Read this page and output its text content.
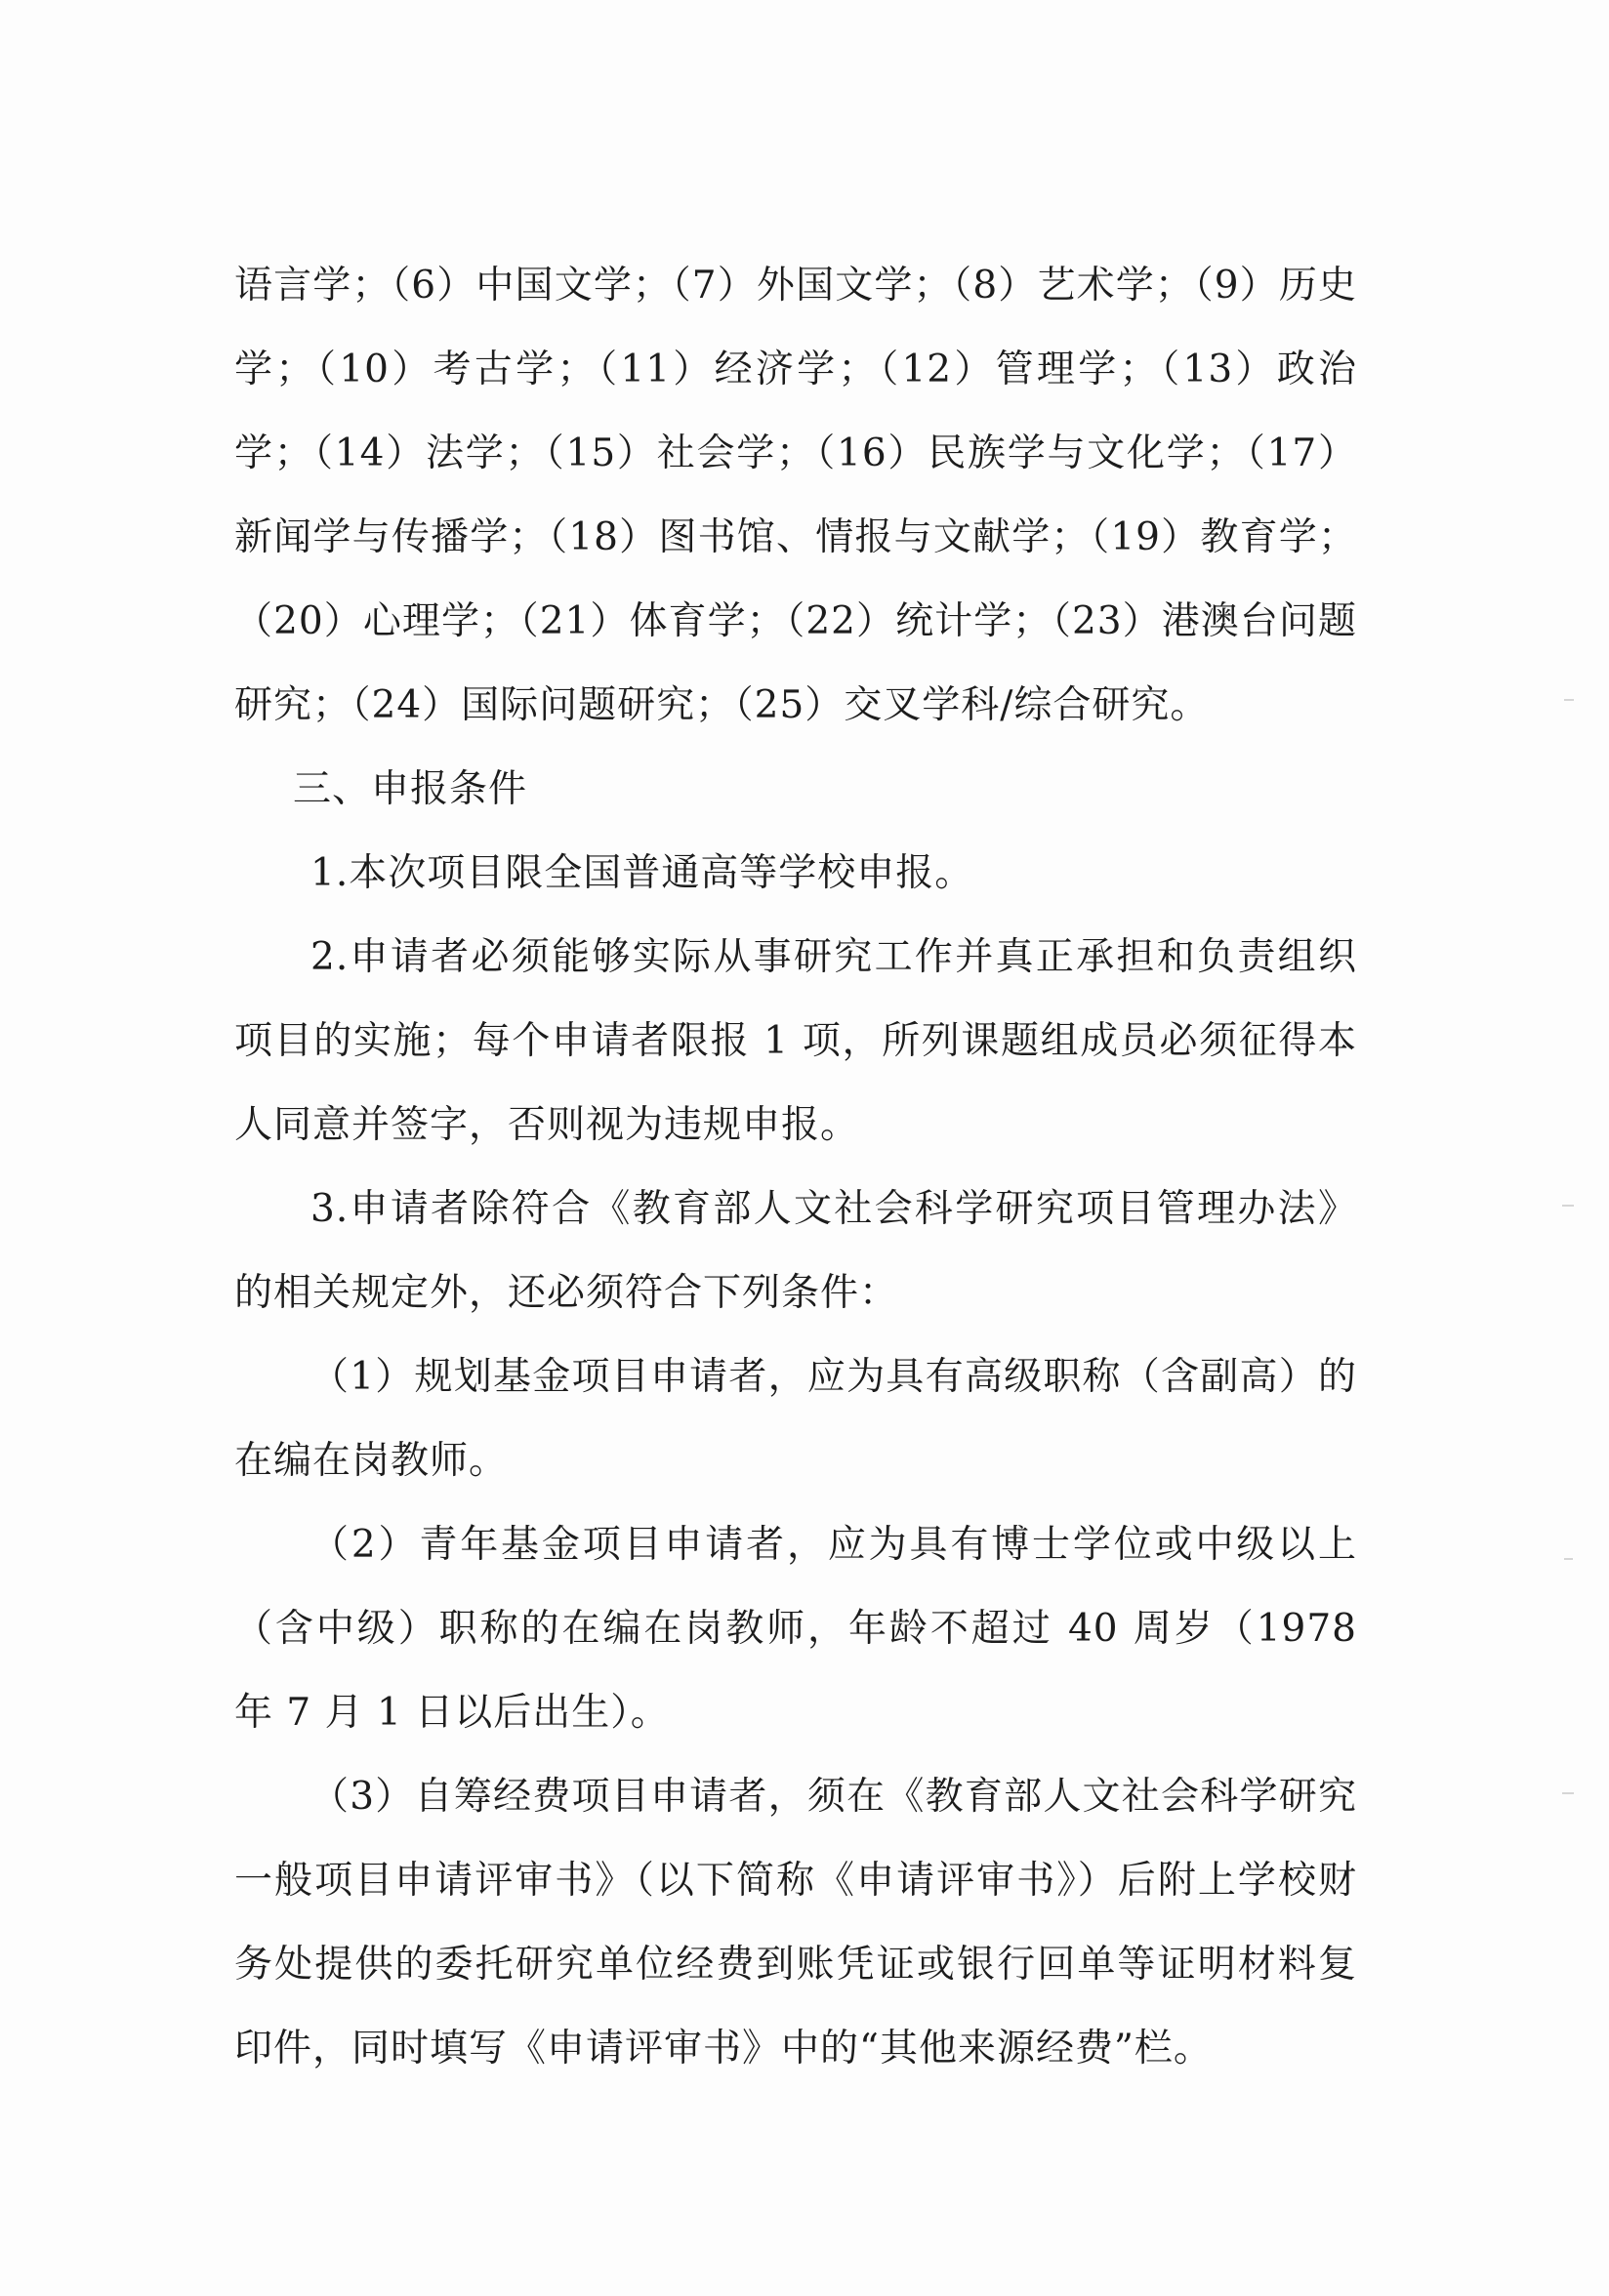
语言学；（6）中国文学；（7）外国文学；（8）艺术学；（9）历史学；（10）考古学；（11）经济学；（12）管理学；（13）政治学；（14）法学；（15）社会学；（16）民族学与文化学；（17）新闻学与传播学；（18）图书馆、情报与文献学；（19）教育学；（20）心理学；（21）体育学；（22）统计学；（23）港澳台问题研究；（24）国际问题研究；（25）交叉学科/综合研究。

三、申报条件

1.本次项目限全国普通高等学校申报。

2.申请者必须能够实际从事研究工作并真正承担和负责组织项目的实施；每个申请者限报 1 项，所列课题组成员必须征得本人同意并签字，否则视为违规申报。

3.申请者除符合《教育部人文社会科学研究项目管理办法》的相关规定外，还必须符合下列条件：

（1）规划基金项目申请者，应为具有高级职称（含副高）的在编在岗教师。

（2）青年基金项目申请者，应为具有博士学位或中级以上（含中级）职称的在编在岗教师，年龄不超过 40 周岁（1978 年 7 月 1 日以后出生）。

（3）自筹经费项目申请者，须在《教育部人文社会科学研究一般项目申请评审书》（以下简称《申请评审书》）后附上学校财务处提供的委托研究单位经费到账凭证或银行回单等证明材料复印件，同时填写《申请评审书》中的“其他来源经费”栏。
